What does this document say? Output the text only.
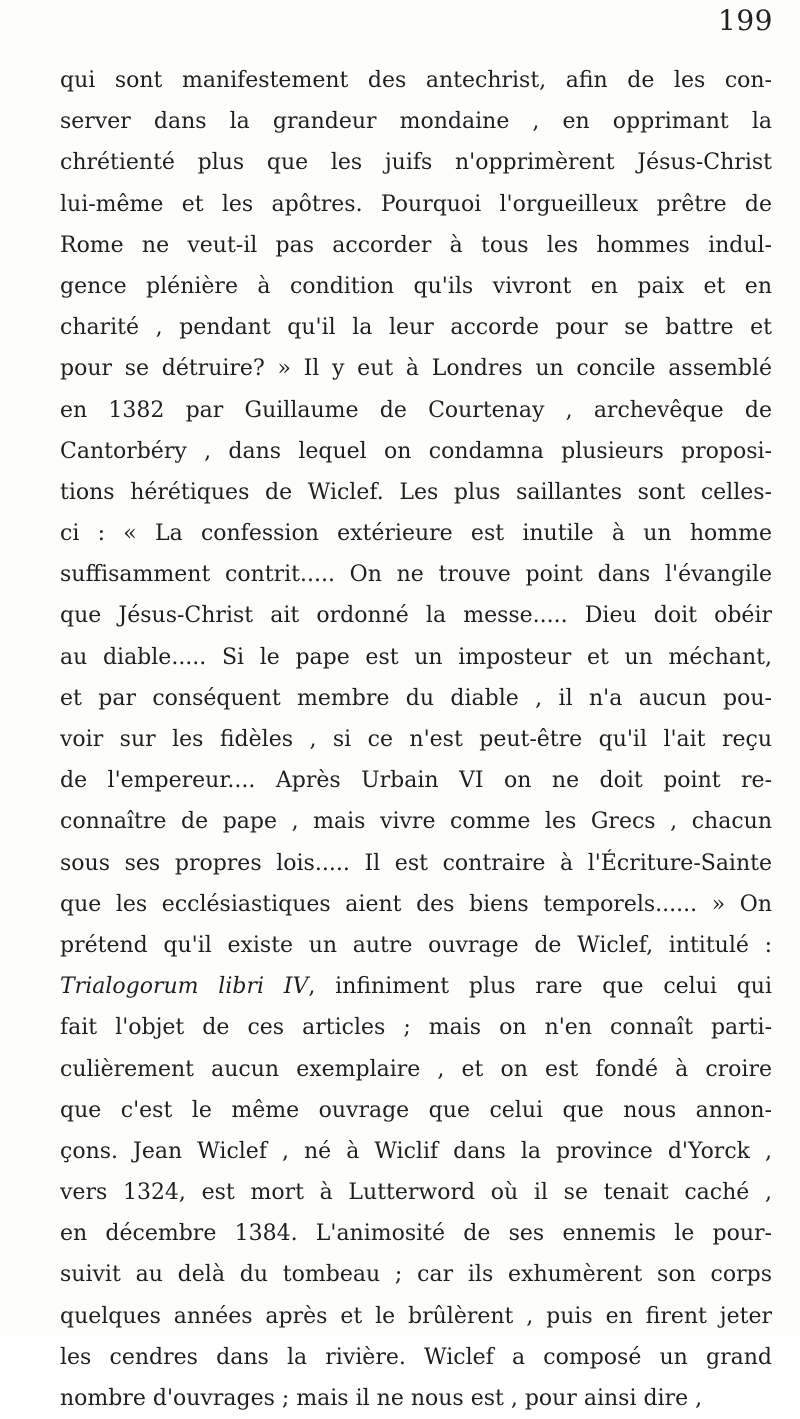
199
qui sont manifestement des antechrist, afin de les con-
server dans la grandeur mondaine , en opprimant la
chrétienté plus que les juifs n'opprimèrent Jésus-Christ
lui-même et les apôtres. Pourquoi l'orgueilleux prêtre de
Rome ne veut-il pas accorder à tous les hommes indul-
gence plénière à condition qu'ils vivront en paix et en
charité , pendant qu'il la leur accorde pour se battre et
pour se détruire? » Il y eut à Londres un concile assemblé
en 1382 par Guillaume de Courtenay , archevêque de
Cantorbéry , dans lequel on condamna plusieurs proposi-
tions hérétiques de Wiclef. Les plus saillantes sont celles-
ci : « La confession extérieure est inutile à un homme
suffisamment contrit..... On ne trouve point dans l'évangile
que Jésus-Christ ait ordonné la messe..... Dieu doit obéir
au diable..... Si le pape est un imposteur et un méchant,
et par conséquent membre du diable , il n'a aucun pou-
voir sur les fidèles , si ce n'est peut-être qu'il l'ait reçu
de l'empereur.... Après Urbain VI on ne doit point re-
connaître de pape , mais vivre comme les Grecs , chacun
sous ses propres lois..... Il est contraire à l'Écriture-Sainte
que les ecclésiastiques aient des biens temporels...... » On
prétend qu'il existe un autre ouvrage de Wiclef, intitulé :
Trialogorum libri IV, infiniment plus rare que celui qui
fait l'objet de ces articles ; mais on n'en connaît parti-
culièrement aucun exemplaire , et on est fondé à croire
que c'est le même ouvrage que celui que nous annon-
çons. Jean Wiclef , né à Wiclif dans la province d'Yorck ,
vers 1324, est mort à Lutterword où il se tenait caché ,
en décembre 1384. L'animosité de ses ennemis le pour-
suivit au delà du tombeau ; car ils exhumèrent son corps
quelques années après et le brûlèrent , puis en firent jeter
les cendres dans la rivière. Wiclef a composé un grand
nombre d'ouvrages ; mais il ne nous est , pour ainsi dire ,
